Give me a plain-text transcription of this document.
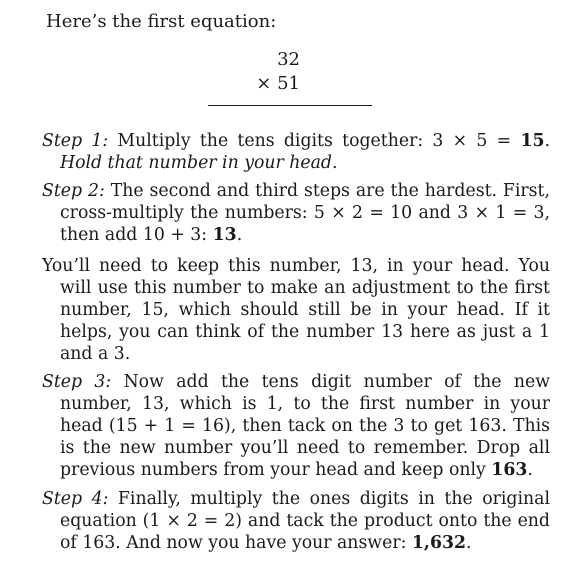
Here’s the first equation:
32
× 51

Step 1: Multiply the tens digits together: 3 × 5 = 15. Hold that number in your head.

Step 2: The second and third steps are the hardest. First, cross-multiply the numbers: 5 × 2 = 10 and 3 × 1 = 3, then add 10 + 3: 13.

You’ll need to keep this number, 13, in your head. You will use this number to make an adjustment to the first number, 15, which should still be in your head. If it helps, you can think of the number 13 here as just a 1 and a 3.

Step 3: Now add the tens digit number of the new number, 13, which is 1, to the first number in your head (15 + 1 = 16), then tack on the 3 to get 163. This is the new number you’ll need to remember. Drop all previous numbers from your head and keep only 163.

Step 4: Finally, multiply the ones digits in the original equation (1 × 2 = 2) and tack the product onto the end of 163. And now you have your answer: 1,632.
